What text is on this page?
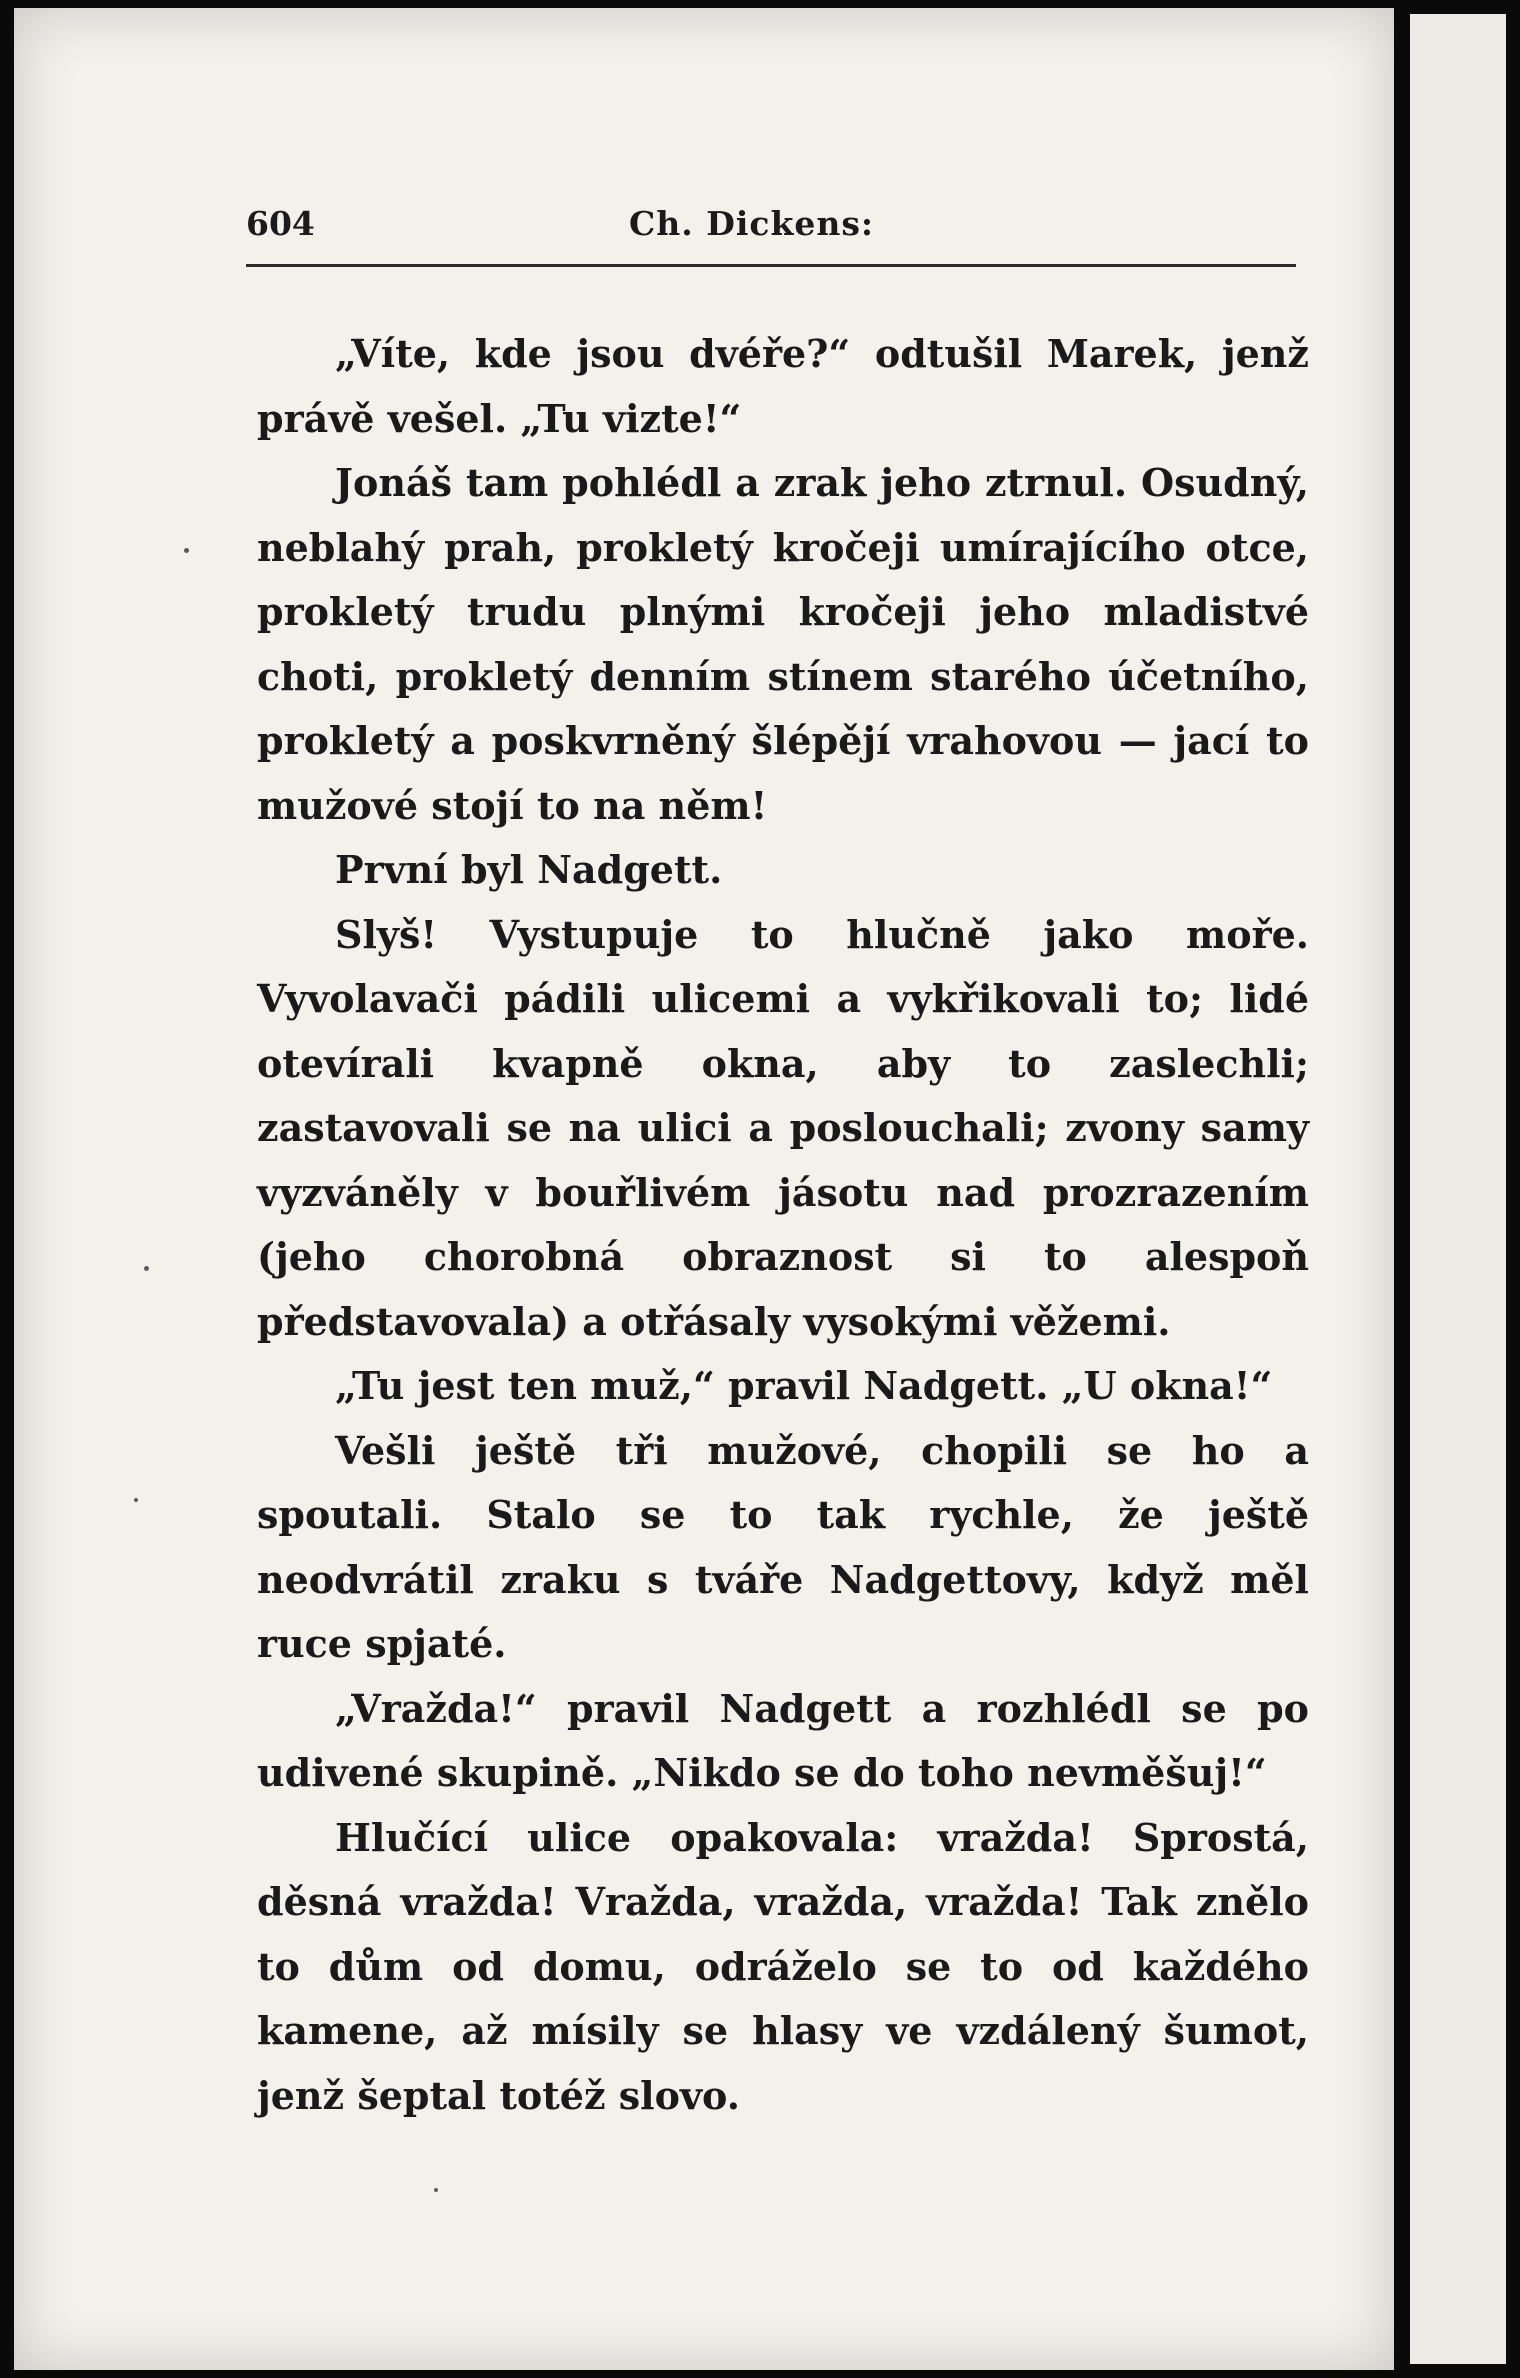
604	Ch. Dickens:

„Víte, kde jsou dvéře?“ odtušil Marek, jenž právě vešel. „Tu vizte!“

Jonáš tam pohlédl a zrak jeho ztrnul. Osudný, neblahý prah, prokletý kročeji umírajícího otce, prokletý trudu plnými kročeji jeho mladistvé choti, prokletý denním stínem starého účetního, prokletý a poskvrněný šlépějí vrahovou — jací to mužové stojí to na něm!

První byl Nadgett.

Slyš! Vystupuje to hlučně jako moře. Vyvolavači pádili ulicemi a vykřikovali to; lidé otevírali kvapně okna, aby to zaslechli; zastavovali se na ulici a poslouchali; zvony samy vyzváněly v bouřlivém jásotu nad prozrazením (jeho chorobná obraznost si to alespoň představovala) a otřásaly vysokými věžemi.

„Tu jest ten muž,“ pravil Nadgett. „U okna!“

Vešli ještě tři mužové, chopili se ho a spoutali. Stalo se to tak rychle, že ještě neodvrátil zraku s tváře Nadgettovy, když měl ruce spjaté.

„Vražda!“ pravil Nadgett a rozhlédl se po udivené skupině. „Nikdo se do toho nevměšuj!“

Hlučící ulice opakovala: vražda! Sprostá, děsná vražda! Vražda, vražda, vražda! Tak znělo to dům od domu, odráželo se to od každého kamene, až mísily se hlasy ve vzdálený šumot, jenž šeptal totéž slovo.
